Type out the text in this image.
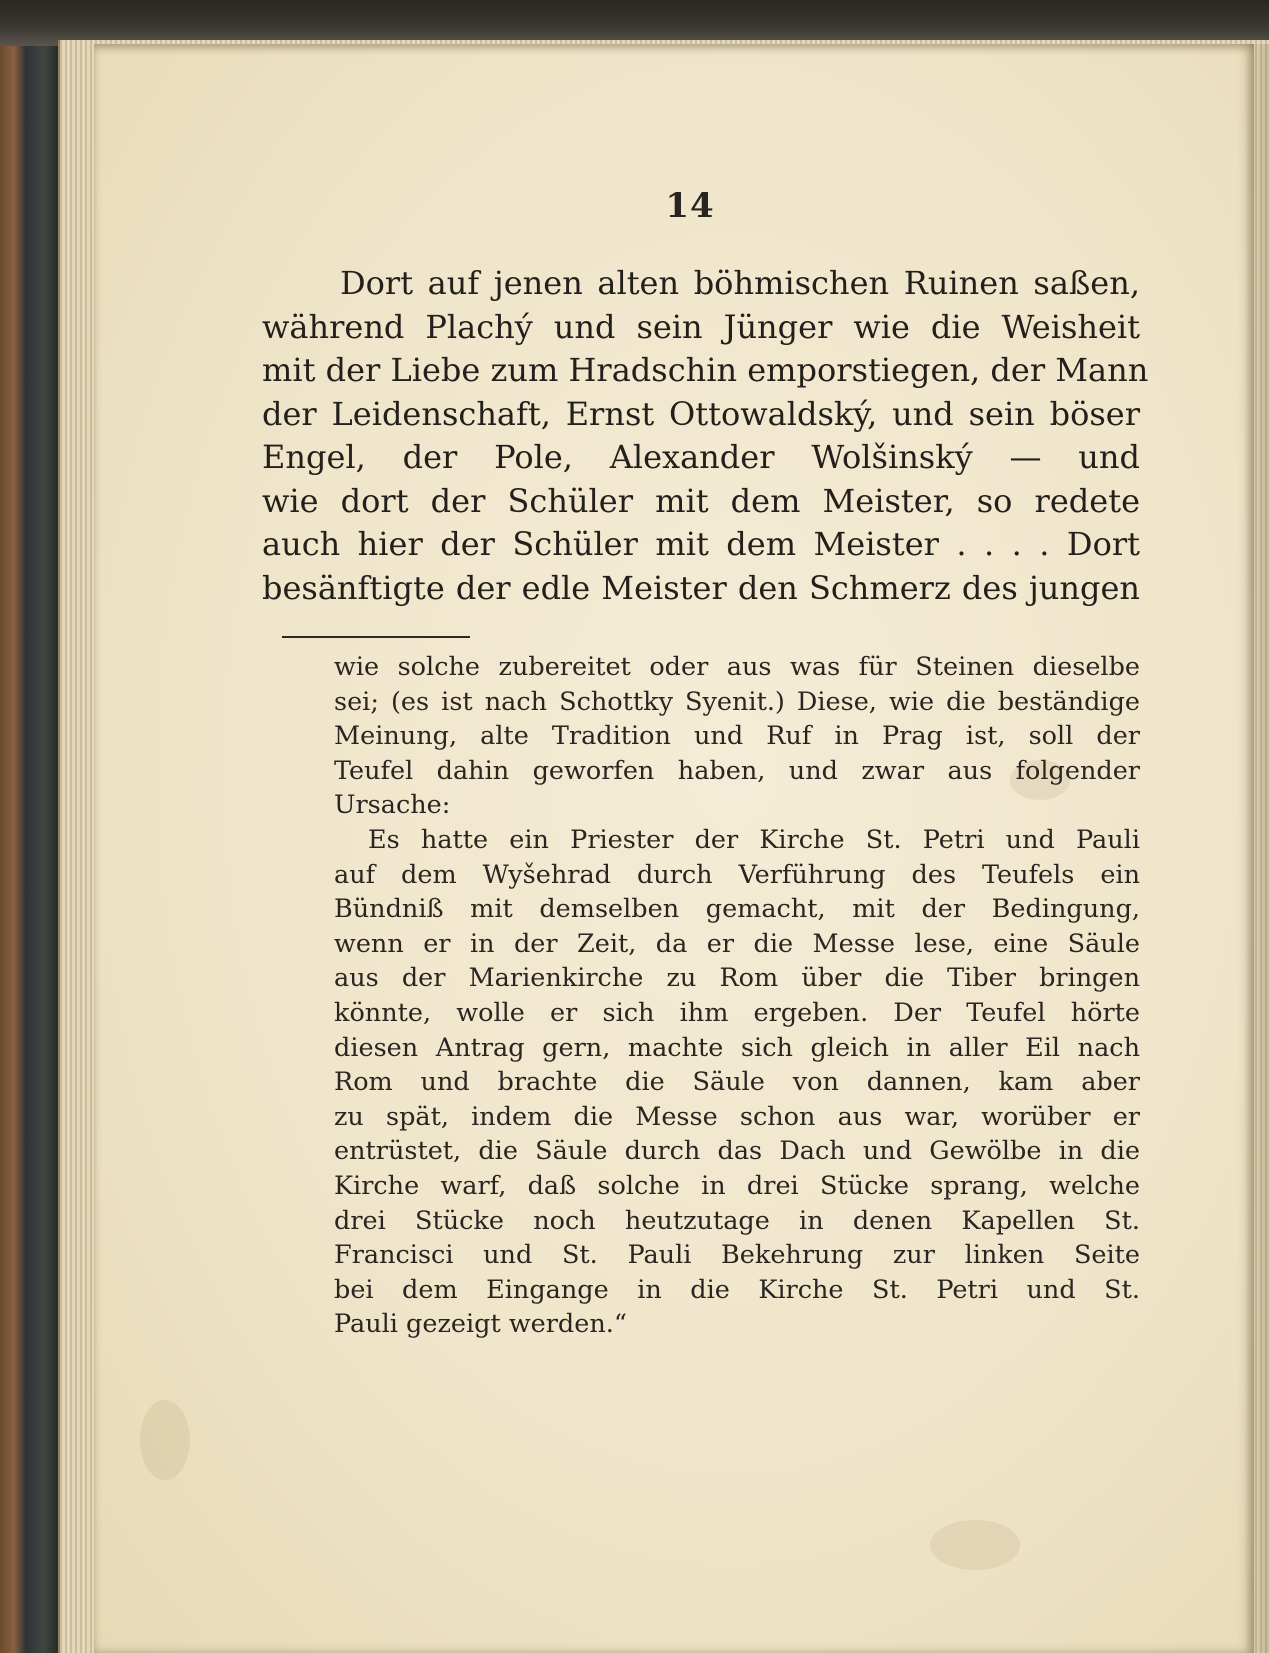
14
Dort auf jenen alten böhmischen Ruinen saßen,
während Plachý und sein Jünger wie die Weisheit
mit der Liebe zum Hradschin emporstiegen, der Mann
der Leidenschaft, Ernst Ottowaldský, und sein böser
Engel, der Pole, Alexander Wolšinský — und
wie dort der Schüler mit dem Meister, so redete
auch hier der Schüler mit dem Meister . . . . Dort
besänftigte der edle Meister den Schmerz des jungen
wie solche zubereitet oder aus was für Steinen dieselbe
sei; (es ist nach Schottky Syenit.) Diese, wie die beständige
Meinung, alte Tradition und Ruf in Prag ist, soll der
Teufel dahin geworfen haben, und zwar aus folgender
Ursache:
Es hatte ein Priester der Kirche St. Petri und Pauli
auf dem Wyšehrad durch Verführung des Teufels ein
Bündniß mit demselben gemacht, mit der Bedingung,
wenn er in der Zeit, da er die Messe lese, eine Säule
aus der Marienkirche zu Rom über die Tiber bringen
könnte, wolle er sich ihm ergeben. Der Teufel hörte
diesen Antrag gern, machte sich gleich in aller Eil nach
Rom und brachte die Säule von dannen, kam aber
zu spät, indem die Messe schon aus war, worüber er
entrüstet, die Säule durch das Dach und Gewölbe in die
Kirche warf, daß solche in drei Stücke sprang, welche
drei Stücke noch heutzutage in denen Kapellen St.
Francisci und St. Pauli Bekehrung zur linken Seite
bei dem Eingange in die Kirche St. Petri und St.
Pauli gezeigt werden.“
